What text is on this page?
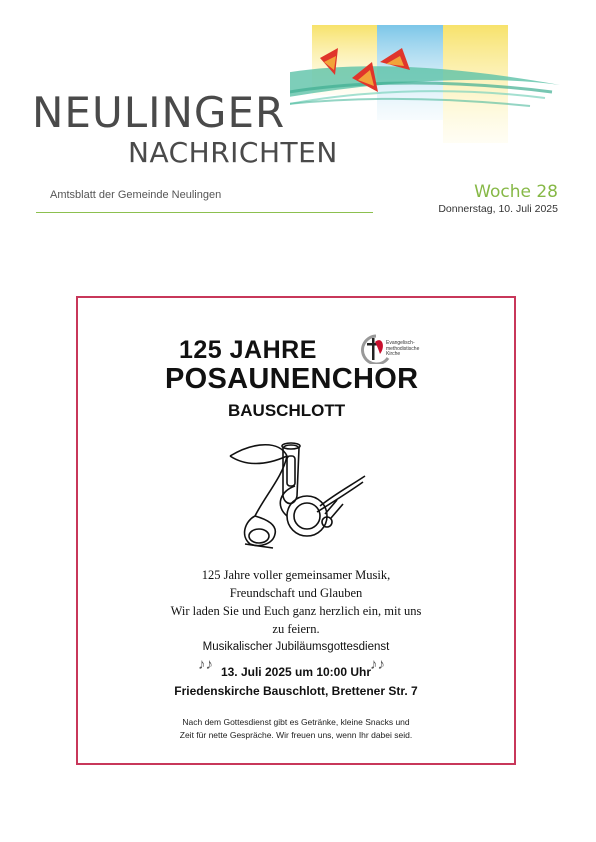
NEULINGER
NACHRICHTEN
Amtsblatt der Gemeinde Neulingen	Woche 28
Donnerstag, 10. Juli 2025
125 JAHRE
POSAUNENCHOR
BAUSCHLOTT
Evangelisch-
methodistische
Kirche
125 Jahre voller gemeinsamer Musik,
Freundschaft und Glauben
Wir laden Sie und Euch ganz herzlich ein, mit uns
zu feiern.
Musikalischer Jubiläumsgottesdienst
♪♪ 13. Juli 2025 um 10:00 Uhr
♪♪
Friedenskirche Bauschlott, Brettener Str. 7
Nach dem Gottesdienst gibt es Getränke, kleine Snacks und
Zeit für nette Gespräche. Wir freuen uns, wenn Ihr dabei seid.
